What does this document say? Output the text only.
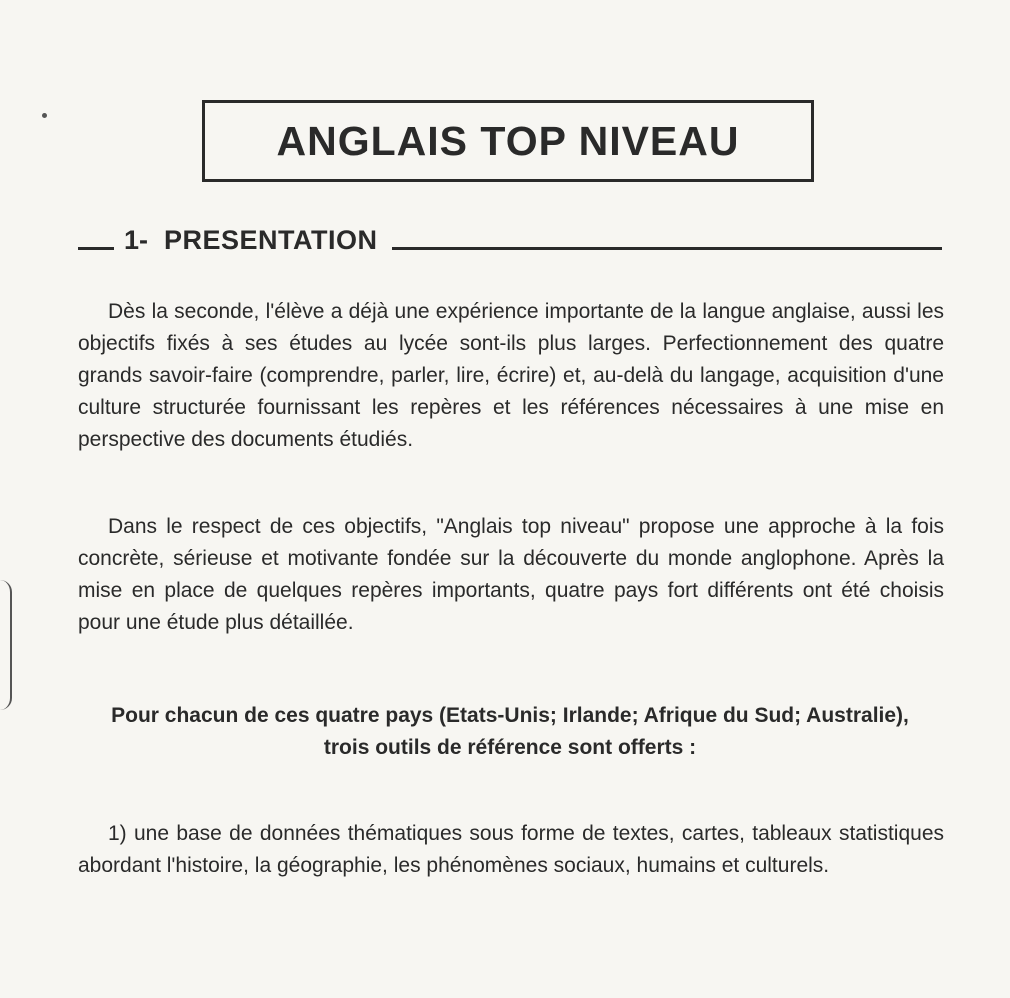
ANGLAIS TOP NIVEAU
1- PRESENTATION

Dès la seconde, l'élève a déjà une expérience importante de la langue anglaise, aussi les objectifs fixés à ses études au lycée sont-ils plus larges. Perfectionnement des quatre grands savoir-faire (comprendre, parler, lire, écrire) et, au-delà du langage, acquisition d'une culture structurée fournissant les repères et les références nécessaires à une mise en perspective des documents étudiés.

Dans le respect de ces objectifs, "Anglais top niveau" propose une approche à la fois concrète, sérieuse et motivante fondée sur la découverte du monde anglophone. Après la mise en place de quelques repères importants, quatre pays fort différents ont été choisis pour une étude plus détaillée.

Pour chacun de ces quatre pays (Etats-Unis; Irlande; Afrique du Sud; Australie), trois outils de référence sont offerts :

1) une base de données thématiques sous forme de textes, cartes, tableaux statistiques abordant l'histoire, la géographie, les phénomènes sociaux, humains et culturels.
